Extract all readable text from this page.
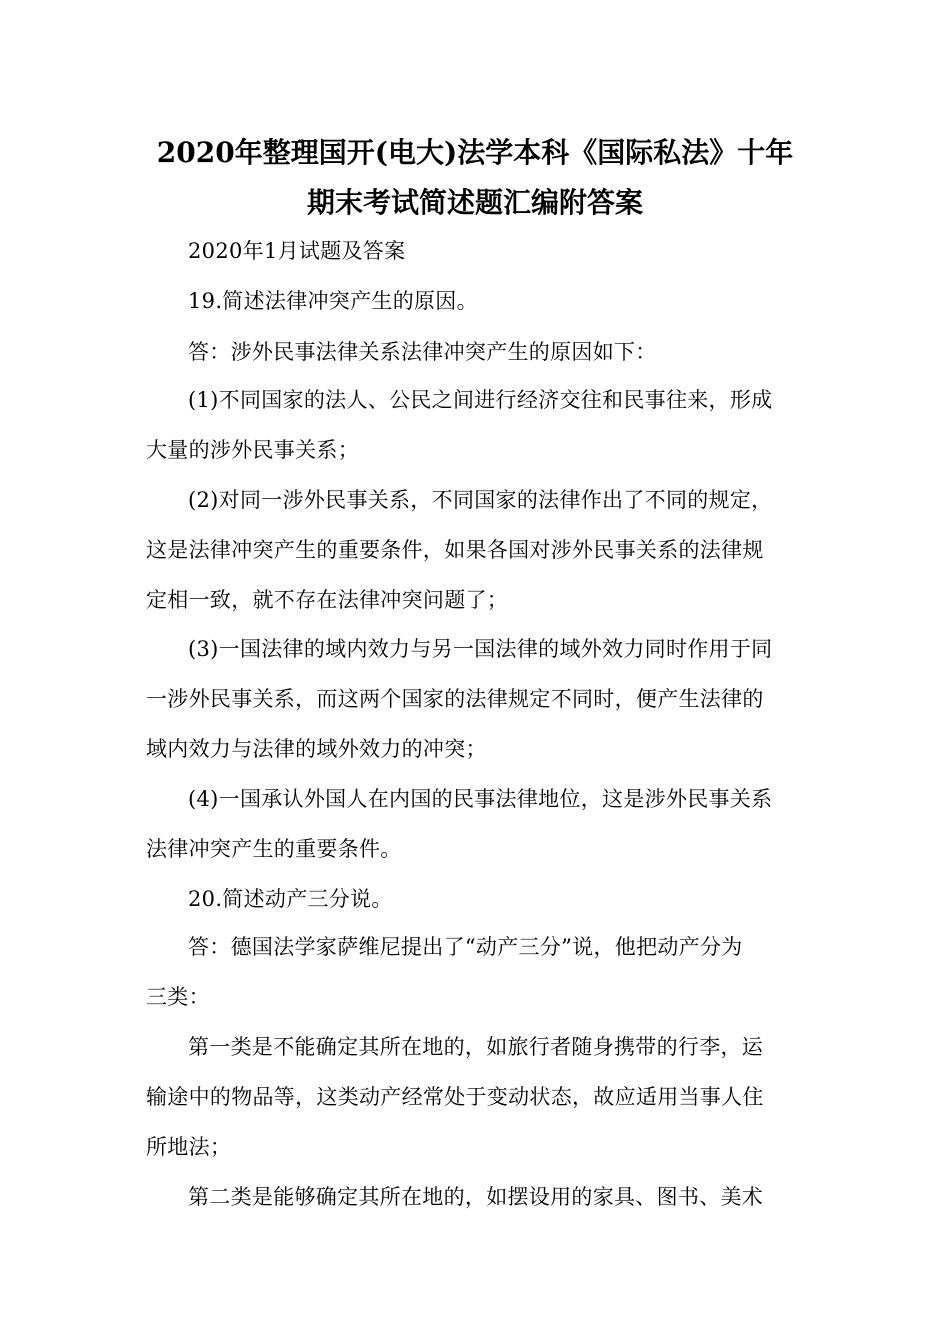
2020年整理国开(电大)法学本科《国际私法》十年
期末考试简述题汇编附答案
2020年1月试题及答案
19.简述法律冲突产生的原因。
答：涉外民事法律关系法律冲突产生的原因如下：
(1)不同国家的法人、公民之间进行经济交往和民事往来，形成
大量的涉外民事关系；
(2)对同一涉外民事关系，不同国家的法律作出了不同的规定，
这是法律冲突产生的重要条件，如果各国对涉外民事关系的法律规
定相一致，就不存在法律冲突问题了；
(3)一国法律的域内效力与另一国法律的域外效力同时作用于同
一涉外民事关系，而这两个国家的法律规定不同时，便产生法律的
域内效力与法律的域外效力的冲突；
(4)一国承认外国人在内国的民事法律地位，这是涉外民事关系
法律冲突产生的重要条件。
20.简述动产三分说。
答：德国法学家萨维尼提出了“动产三分”说，他把动产分为
三类：
第一类是不能确定其所在地的，如旅行者随身携带的行李，运
输途中的物品等，这类动产经常处于变动状态，故应适用当事人住
所地法；
第二类是能够确定其所在地的，如摆设用的家具、图书、美术
